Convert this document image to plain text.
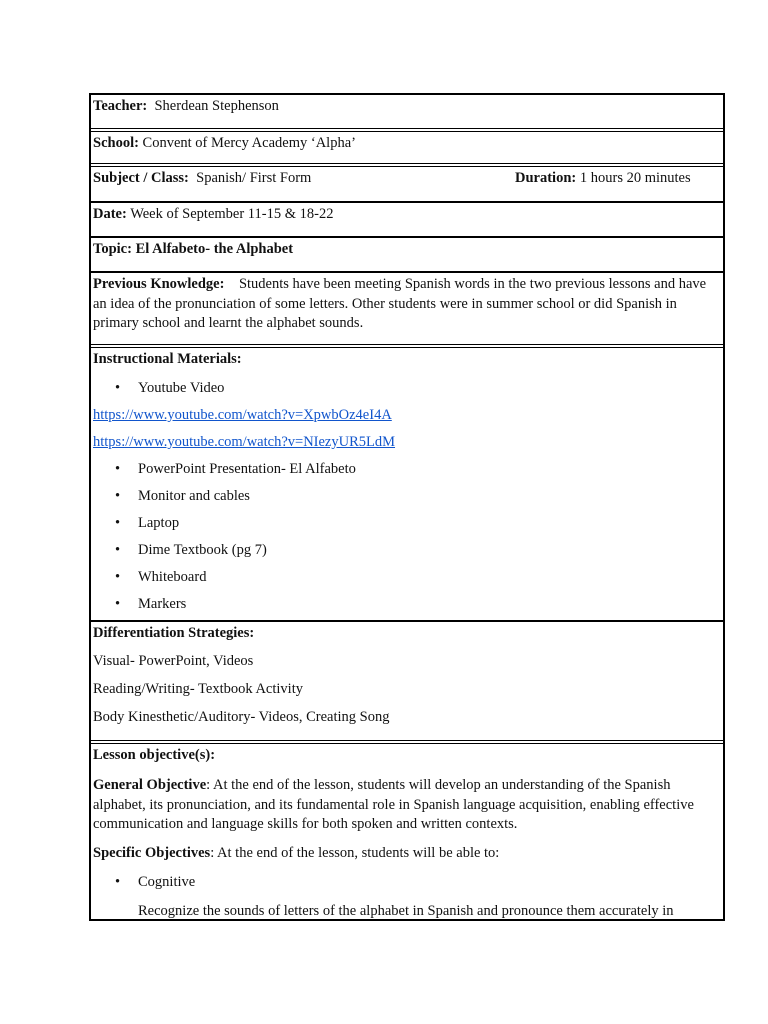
Teacher: Sherdean Stephenson
School: Convent of Mercy Academy ‘Alpha’
Subject / Class: Spanish/ First Form	Duration: 1 hours 20 minutes
Date: Week of September 11-15 & 18-22
Topic: El Alfabeto- the Alphabet
Previous Knowledge: Students have been meeting Spanish words in the two previous lessons and have an idea of the pronunciation of some letters. Other students were in summer school or did Spanish in primary school and learnt the alphabet sounds.
Instructional Materials:
• Youtube Video
https://www.youtube.com/watch?v=XpwbOz4eI4A
https://www.youtube.com/watch?v=NIezyUR5LdM
• PowerPoint Presentation- El Alfabeto
• Monitor and cables
• Laptop
• Dime Textbook (pg 7)
• Whiteboard
• Markers
Differentiation Strategies:
Visual- PowerPoint, Videos
Reading/Writing- Textbook Activity
Body Kinesthetic/Auditory- Videos, Creating Song
Lesson objective(s):
General Objective: At the end of the lesson, students will develop an understanding of the Spanish alphabet, its pronunciation, and its fundamental role in Spanish language acquisition, enabling effective communication and language skills for both spoken and written contexts.
Specific Objectives: At the end of the lesson, students will be able to:
• Cognitive
Recognize the sounds of letters of the alphabet in Spanish and pronounce them accurately in
